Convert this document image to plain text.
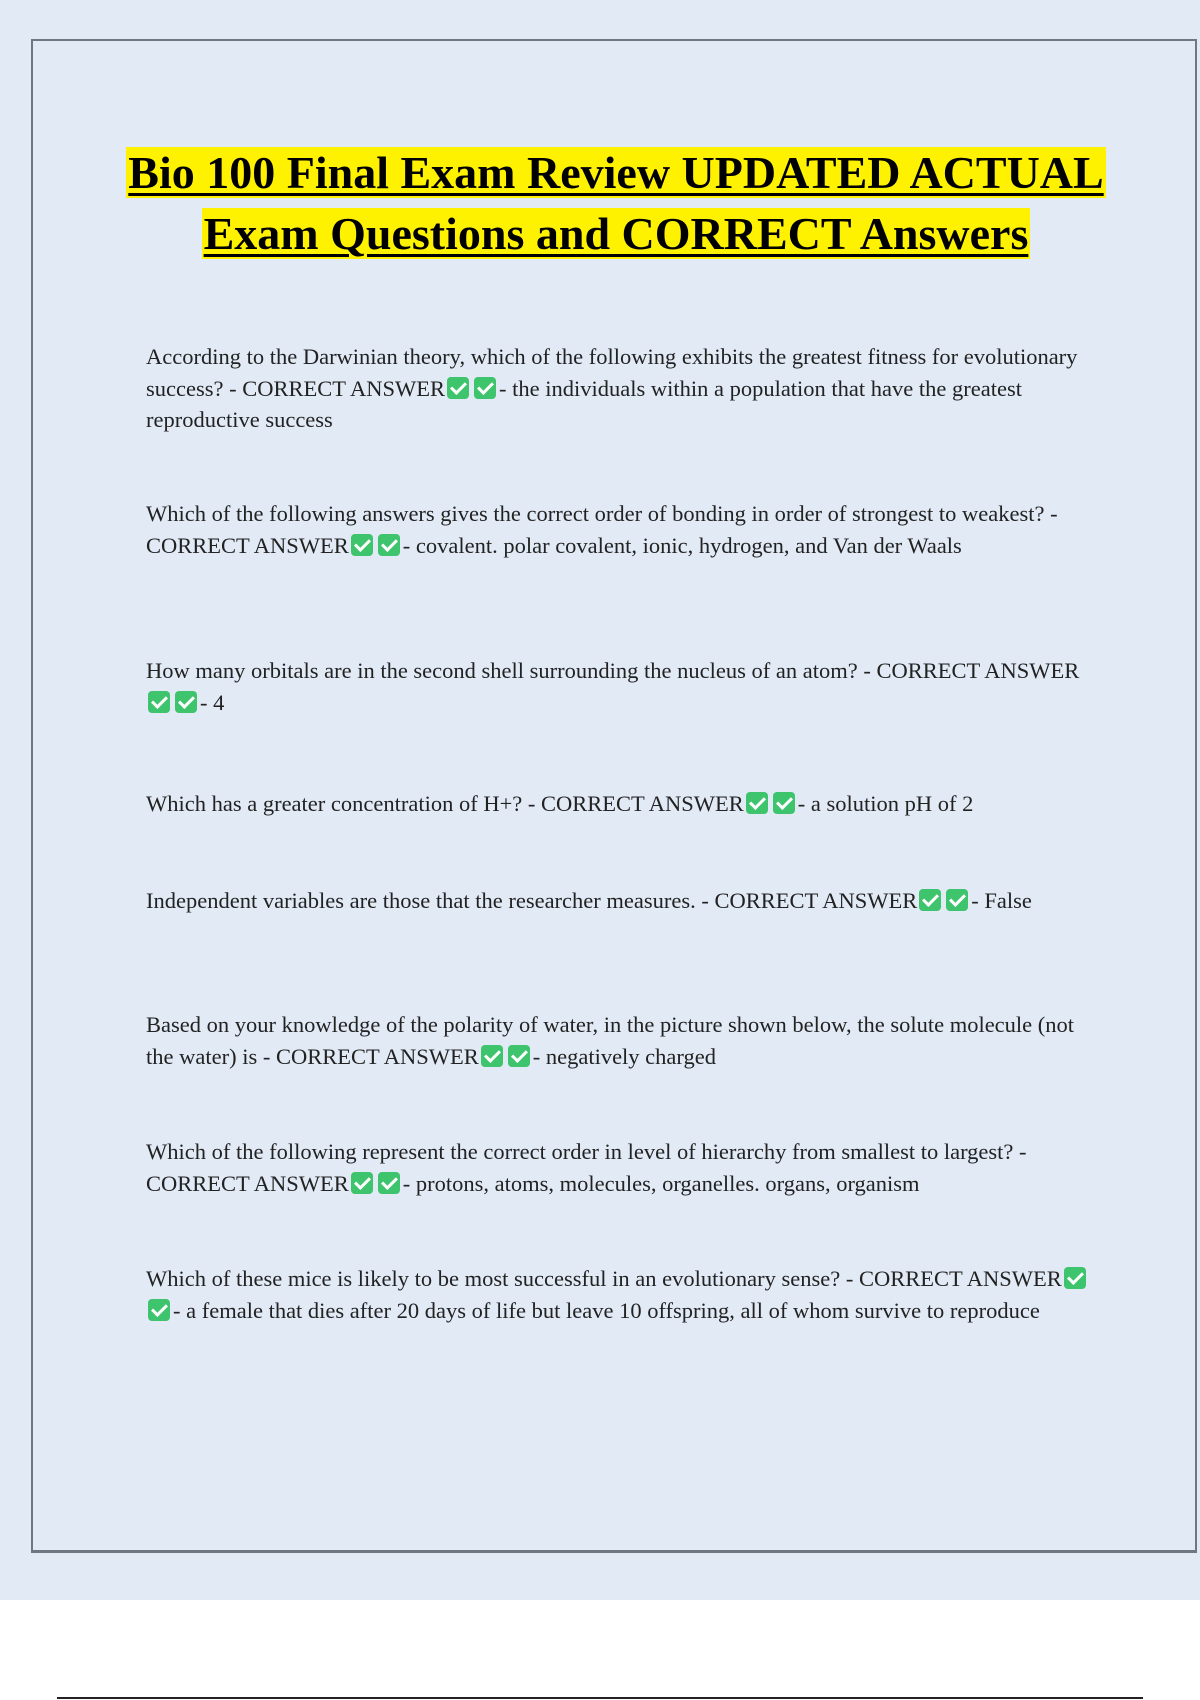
Bio 100 Final Exam Review UPDATED ACTUAL Exam Questions and CORRECT Answers

According to the Darwinian theory, which of the following exhibits the greatest fitness for evolutionary success? - CORRECT ANSWER - the individuals within a population that have the greatest reproductive success

Which of the following answers gives the correct order of bonding in order of strongest to weakest? - CORRECT ANSWER - covalent. polar covalent, ionic, hydrogen, and Van der Waals

How many orbitals are in the second shell surrounding the nucleus of an atom? - CORRECT ANSWER- 4

Which has a greater concentration of H+? - CORRECT ANSWER - a solution pH of 2

Independent variables are those that the researcher measures. - CORRECT ANSWER - False

Based on your knowledge of the polarity of water, in the picture shown below, the solute molecule (not the water) is - CORRECT ANSWER - negatively charged

Which of the following represent the correct order in level of hierarchy from smallest to largest? - CORRECT ANSWER - protons, atoms, molecules, organelles. organs, organism

Which of these mice is likely to be most successful in an evolutionary sense? - CORRECT ANSWER- a female that dies after 20 days of life but leave 10 offspring, all of whom survive to reproduce
